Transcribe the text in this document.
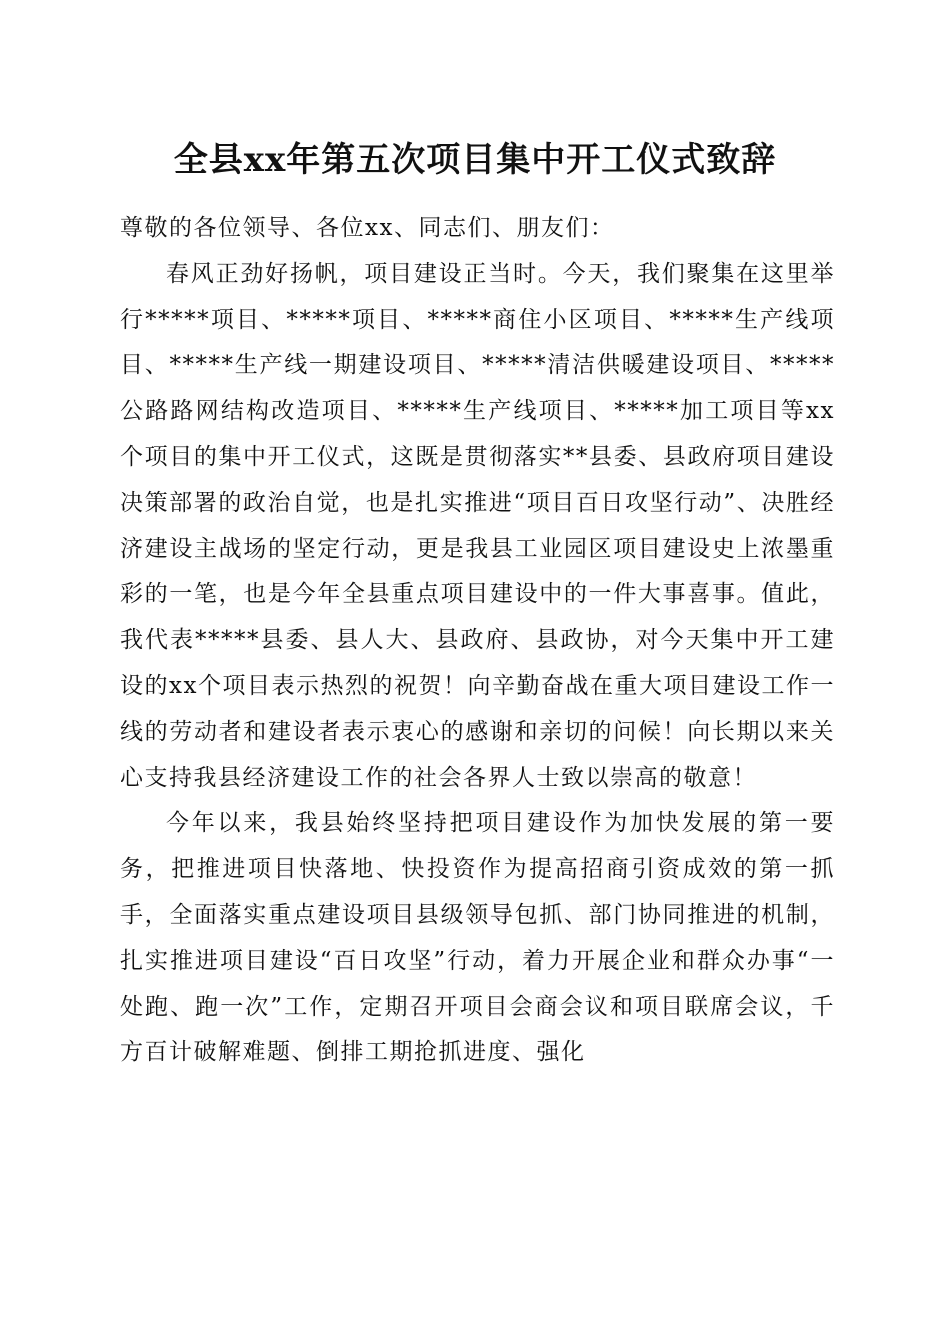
全县xx年第五次项目集中开工仪式致辞

尊敬的各位领导、各位xx、同志们、朋友们：

春风正劲好扬帆，项目建设正当时。今天，我们聚集在这里举行*****项目、*****项目、*****商住小区项目、*****生产线项目、*****生产线一期建设项目、*****清洁供暖建设项目、*****公路路网结构改造项目、*****生产线项目、*****加工项目等xx个项目的集中开工仪式，这既是贯彻落实**县委、县政府项目建设决策部署的政治自觉，也是扎实推进“项目百日攻坚行动”、决胜经济建设主战场的坚定行动，更是我县工业园区项目建设史上浓墨重彩的一笔，也是今年全县重点项目建设中的一件大事喜事。值此，我代表*****县委、县人大、县政府、县政协，对今天集中开工建设的xx个项目表示热烈的祝贺！向辛勤奋战在重大项目建设工作一线的劳动者和建设者表示衷心的感谢和亲切的问候！向长期以来关心支持我县经济建设工作的社会各界人士致以崇高的敬意！

今年以来，我县始终坚持把项目建设作为加快发展的第一要务，把推进项目快落地、快投资作为提高招商引资成效的第一抓手，全面落实重点建设项目县级领导包抓、部门协同推进的机制，扎实推进项目建设“百日攻坚”行动，着力开展企业和群众办事“一处跑、跑一次”工作，定期召开项目会商会议和项目联席会议，千方百计破解难题、倒排工期抢抓进度、强化
